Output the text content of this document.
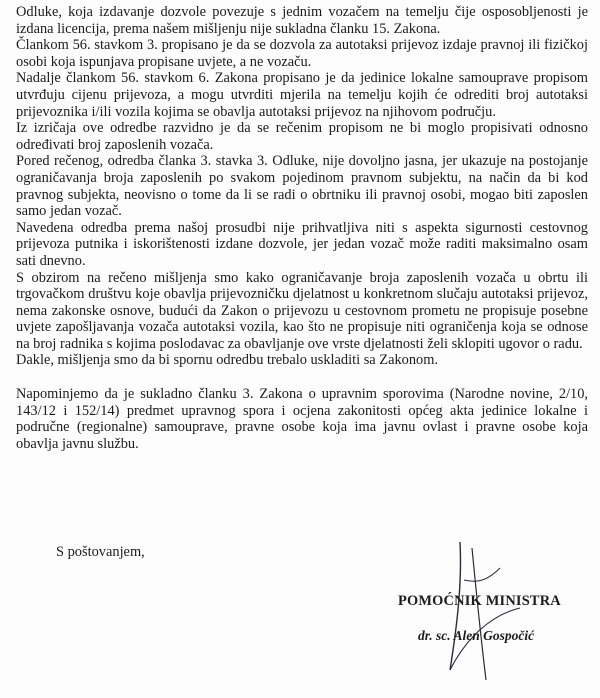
Odluke, koja izdavanje dozvole povezuje s jednim vozačem na temelju čije osposobljenosti je izdana licencija, prema našem mišljenju nije sukladna članku 15. Zakona.

Člankom 56. stavkom 3. propisano je da se dozvola za autotaksi prijevoz izdaje pravnoj ili fizičkoj osobi koja ispunjava propisane uvjete, a ne vozaču.

Nadalje člankom 56. stavkom 6. Zakona propisano je da jedinice lokalne samouprave propisom utvrđuju cijenu prijevoza, a mogu utvrditi mjerila na temelju kojih će odrediti broj autotaksi prijevoznika i/ili vozila kojima se obavlja autotaksi prijevoz na njihovom području.

Iz izričaja ove odredbe razvidno je da se rečenim propisom ne bi moglo propisivati odnosno određivati broj zaposlenih vozača.

Pored rečenog, odredba članka 3. stavka 3. Odluke, nije dovoljno jasna, jer ukazuje na postojanje ograničavanja broja zaposlenih po svakom pojedinom pravnom subjektu, na način da bi kod pravnog subjekta, neovisno o tome da li se radi o obrtniku ili pravnoj osobi, mogao biti zaposlen samo jedan vozač.

Navedena odredba prema našoj prosudbi nije prihvatljiva niti s aspekta sigurnosti cestovnog prijevoza putnika i iskorištenosti izdane dozvole, jer jedan vozač može raditi maksimalno osam sati dnevno.

S obzirom na rečeno mišljenja smo kako ograničavanje broja zaposlenih vozača u obrtu ili trgovačkom društvu koje obavlja prijevozničku djelatnost u konkretnom slučaju autotaksi prijevoz, nema zakonske osnove, budući da Zakon o prijevozu u cestovnom prometu ne propisuje posebne uvjete zapošljavanja vozača autotaksi vozila, kao što ne propisuje niti ograničenja koja se odnose na broj radnika s kojima poslodavac za obavljanje ove vrste djelatnosti želi sklopiti ugovor o radu.

Dakle, mišljenja smo da bi spornu odredbu trebalo uskladiti sa Zakonom.

Napominjemo da je sukladno članku 3. Zakona o upravnim sporovima (Narodne novine, 2/10, 143/12 i 152/14) predmet upravnog spora i ocjena zakonitosti općeg akta jedinice lokalne i područne (regionalne) samouprave, pravne osobe koja ima javnu ovlast i pravne osobe koja obavlja javnu službu.

S poštovanjem,
POMOĆNIK MINISTRA
dr. sc. Alen Gospočić
